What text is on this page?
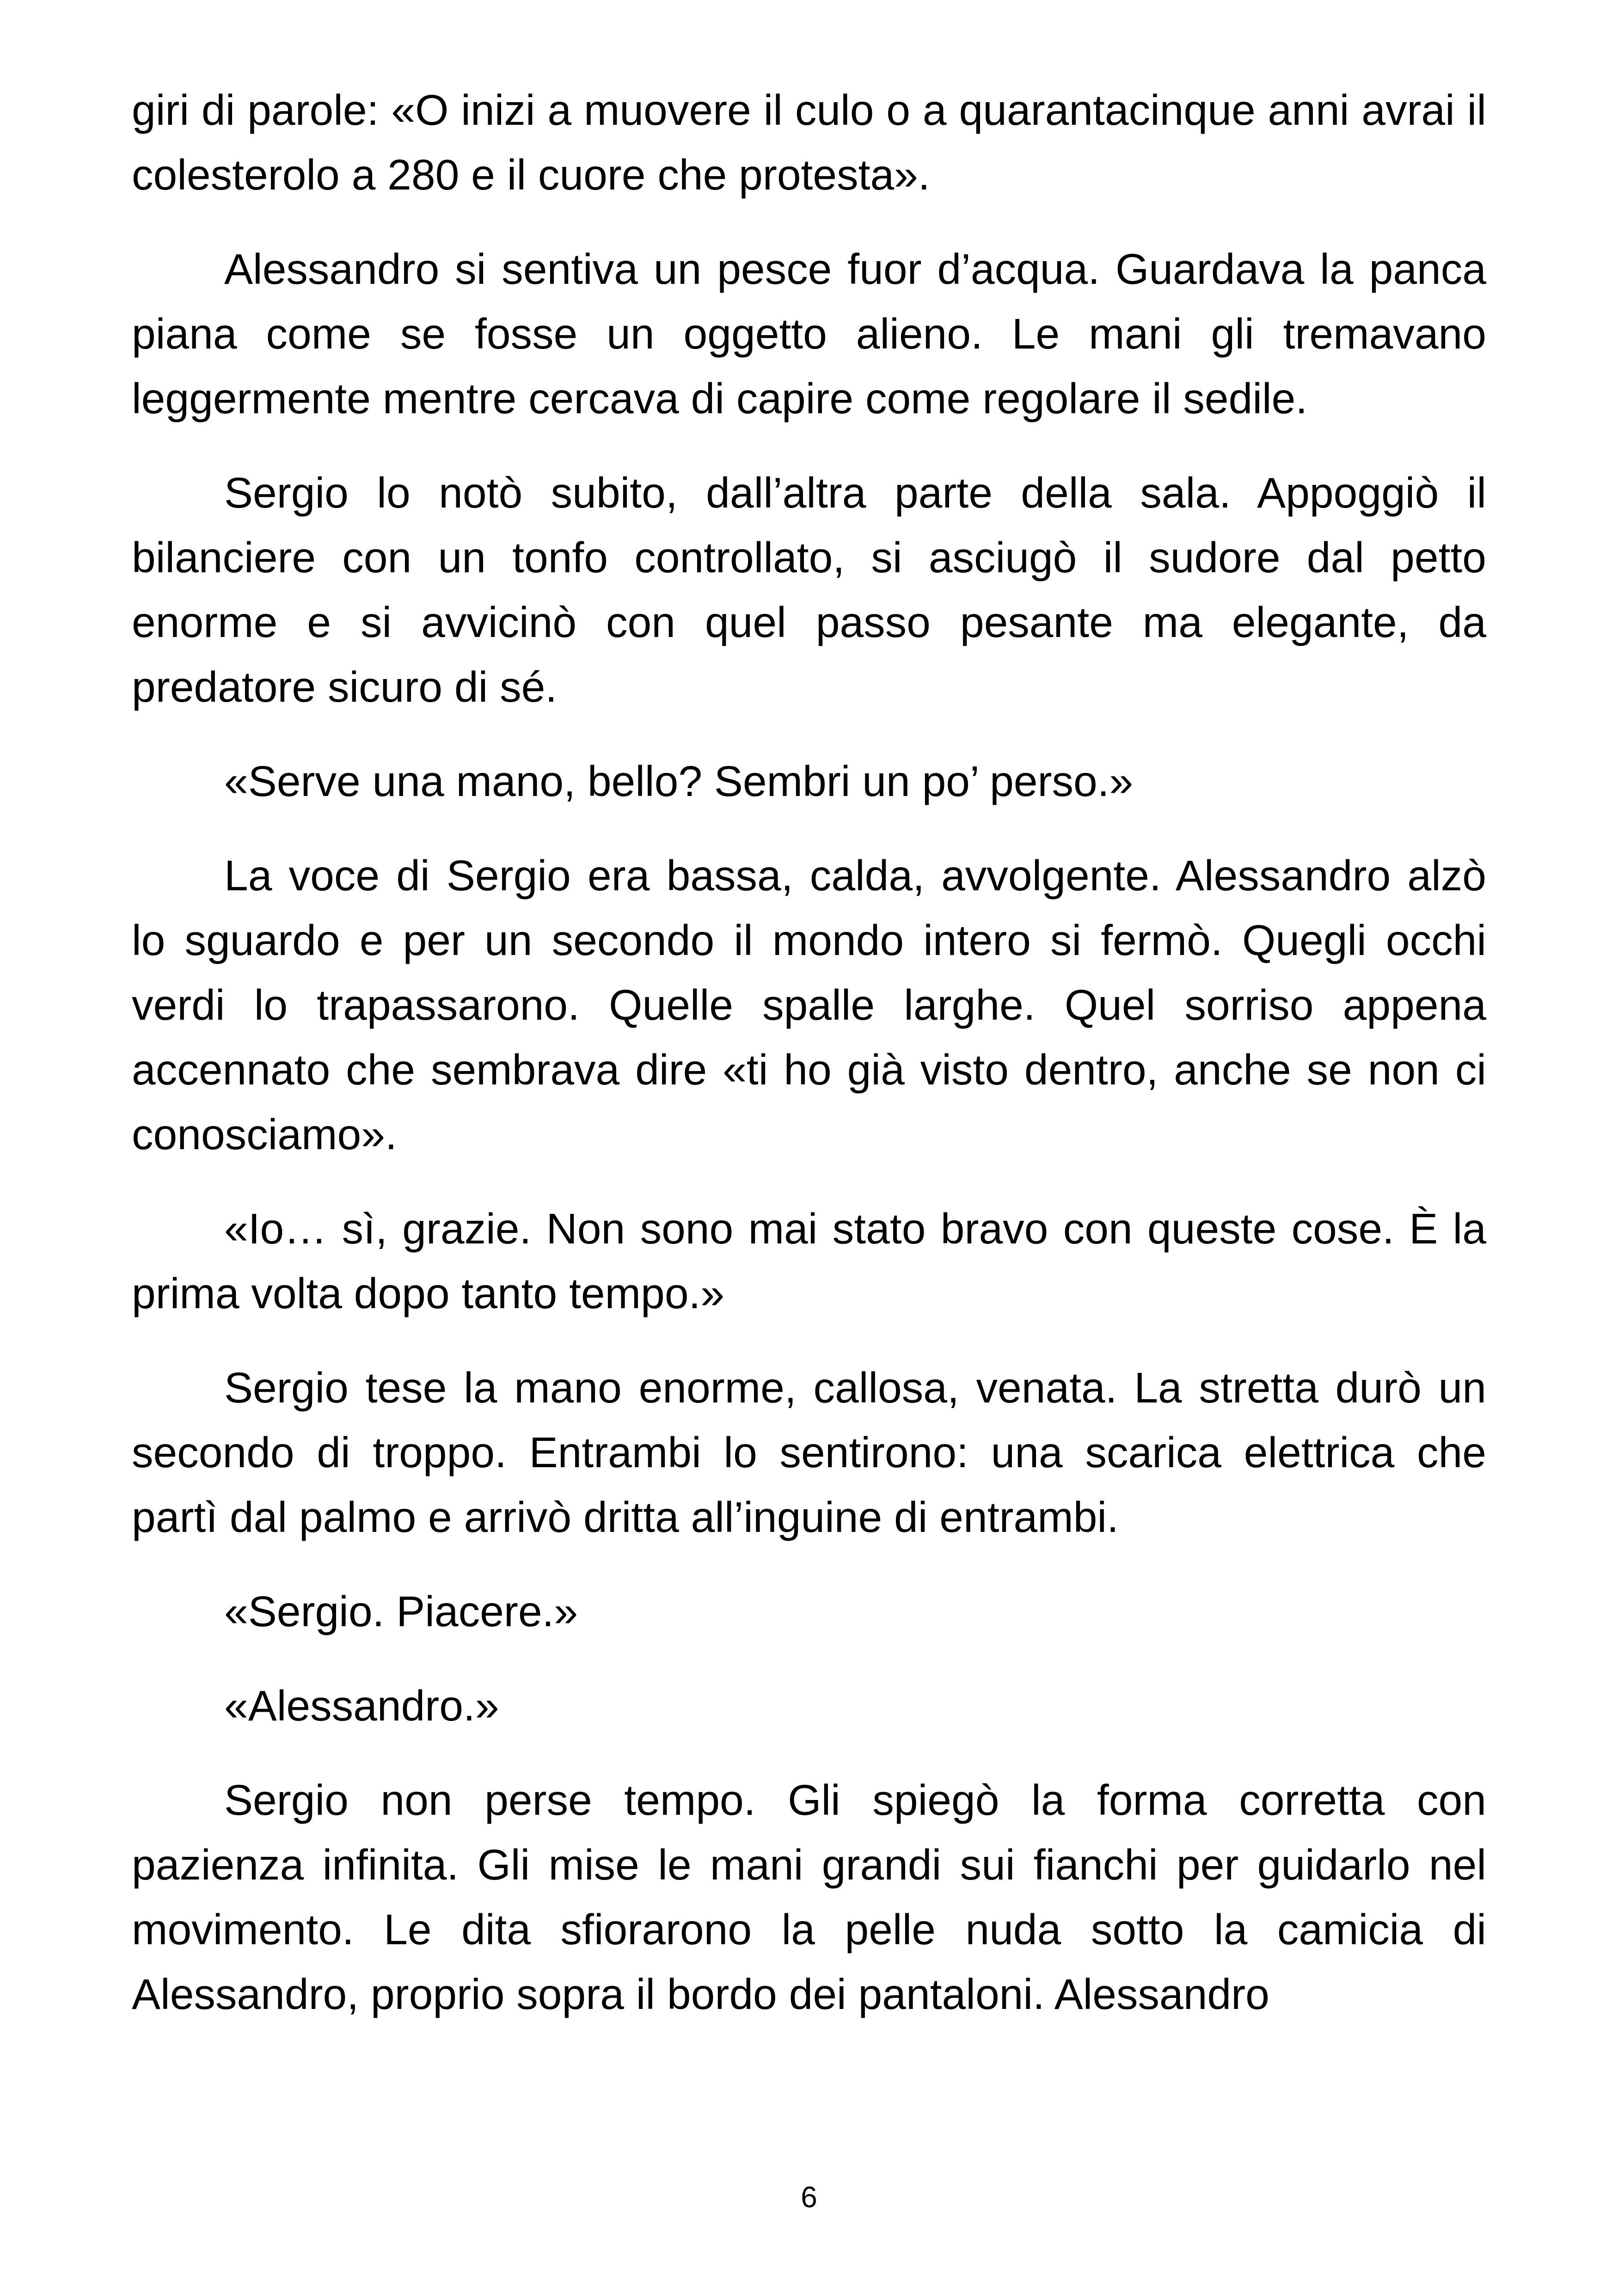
giri di parole: «O inizi a muovere il culo o a quarantacinque anni avrai il colesterolo a 280 e il cuore che protesta».

Alessandro si sentiva un pesce fuor d’acqua. Guardava la panca piana come se fosse un oggetto alieno. Le mani gli tremavano leggermente mentre cercava di capire come regolare il sedile.

Sergio lo notò subito, dall’altra parte della sala. Appoggiò il bilanciere con un tonfo controllato, si asciugò il sudore dal petto enorme e si avvicinò con quel passo pesante ma elegante, da predatore sicuro di sé.

«Serve una mano, bello? Sembri un po’ perso.»

La voce di Sergio era bassa, calda, avvolgente. Alessandro alzò lo sguardo e per un secondo il mondo intero si fermò. Quegli occhi verdi lo trapassarono. Quelle spalle larghe. Quel sorriso appena accennato che sembrava dire «ti ho già visto dentro, anche se non ci conosciamo».

«Io… sì, grazie. Non sono mai stato bravo con queste cose. È la prima volta dopo tanto tempo.»

Sergio tese la mano enorme, callosa, venata. La stretta durò un secondo di troppo. Entrambi lo sentirono: una scarica elettrica che partì dal palmo e arrivò dritta all’inguine di entrambi.

«Sergio. Piacere.»

«Alessandro.»

Sergio non perse tempo. Gli spiegò la forma corretta con pazienza infinita. Gli mise le mani grandi sui fianchi per guidarlo nel movimento. Le dita sfiorarono la pelle nuda sotto la camicia di Alessandro, proprio sopra il bordo dei pantaloni. Alessandro

6
